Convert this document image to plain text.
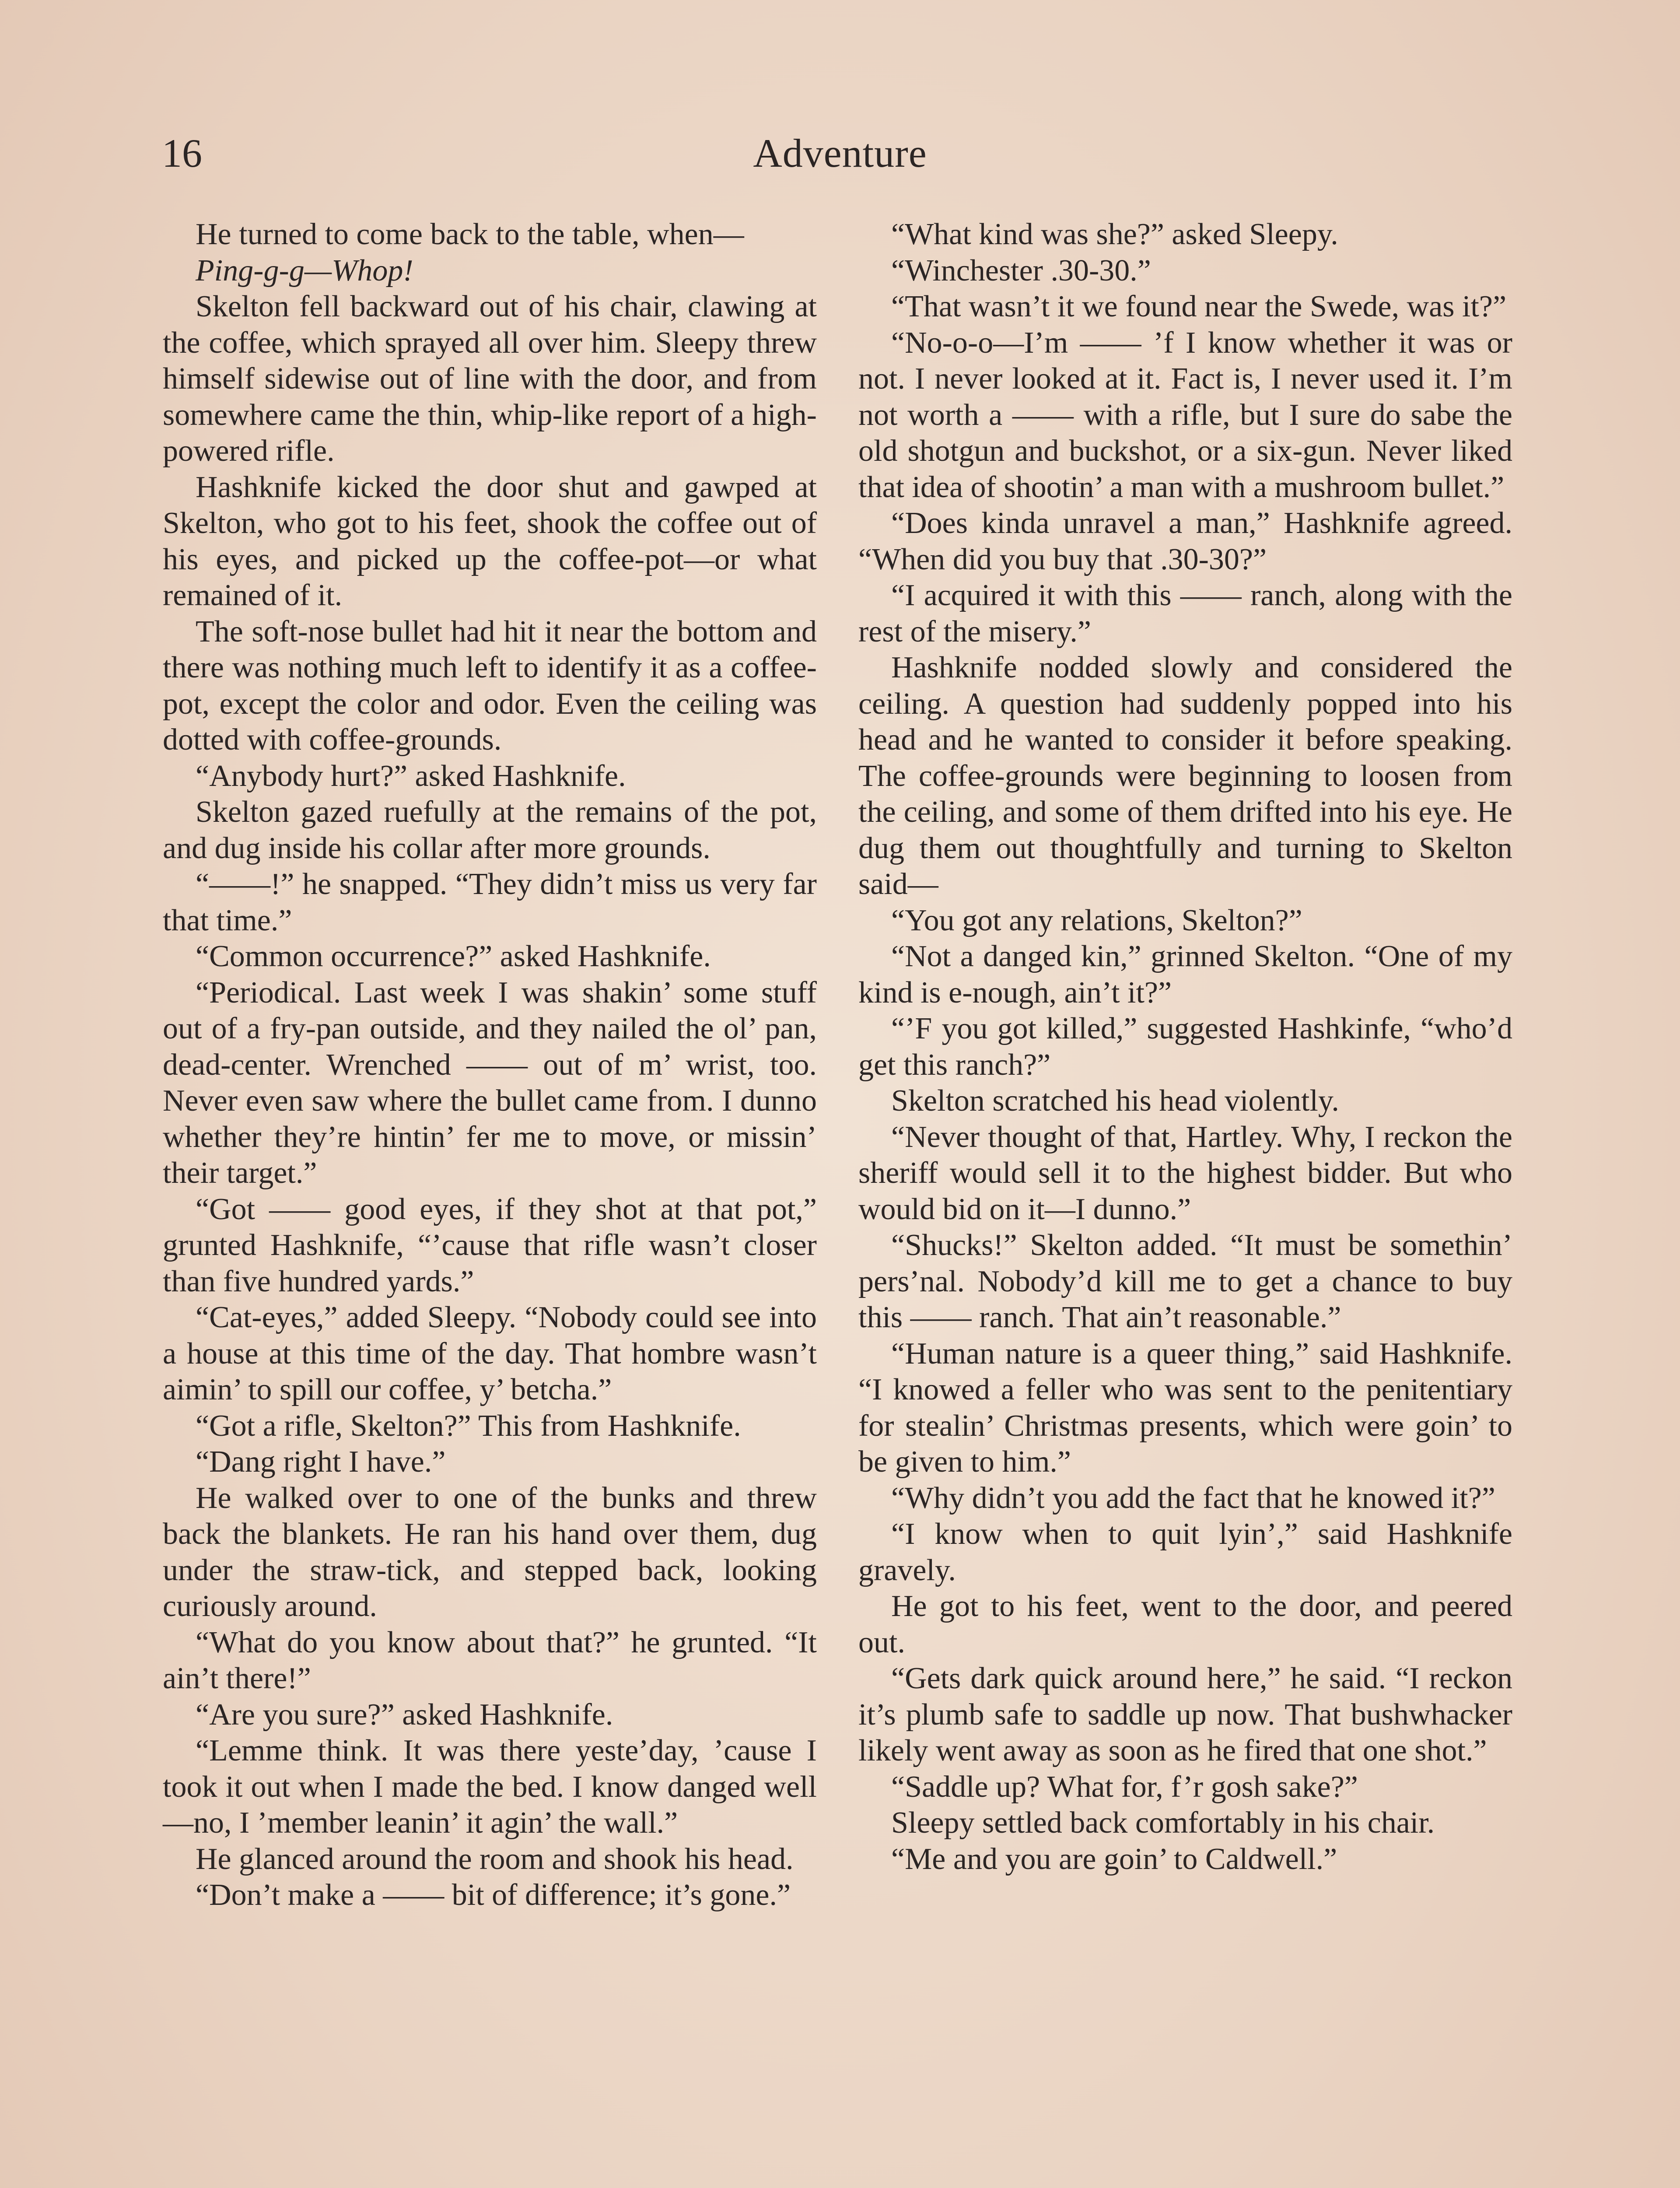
16	Adventure

He turned to come back to the table, when—

Ping-g-g—Whop!

Skelton fell backward out of his chair, clawing at the coffee, which sprayed all over him. Sleepy threw himself sidewise out of line with the door, and from somewhere came the thin, whip-like report of a high-powered rifle.

Hashknife kicked the door shut and gawped at Skelton, who got to his feet, shook the coffee out of his eyes, and picked up the coffee-pot—or what remained of it.

The soft-nose bullet had hit it near the bottom and there was nothing much left to identify it as a coffee-pot, except the color and odor. Even the ceiling was dotted with coffee-grounds.

“Anybody hurt?” asked Hashknife.

Skelton gazed ruefully at the remains of the pot, and dug inside his collar after more grounds.

“——!” he snapped. “They didn’t miss us very far that time.”

“Common occurrence?” asked Hashknife.

“Periodical. Last week I was shakin’ some stuff out of a fry-pan outside, and they nailed the ol’ pan, dead-center. Wrenched —— out of m’ wrist, too. Never even saw where the bullet came from. I dunno whether they’re hintin’ fer me to move, or missin’ their target.”

“Got —— good eyes, if they shot at that pot,” grunted Hashknife, “’cause that rifle wasn’t closer than five hundred yards.”

“Cat-eyes,” added Sleepy. “Nobody could see into a house at this time of the day. That hombre wasn’t aimin’ to spill our coffee, y’ betcha.”

“Got a rifle, Skelton?” This from Hashknife.

“Dang right I have.”

He walked over to one of the bunks and threw back the blankets. He ran his hand over them, dug under the straw-tick, and stepped back, looking curiously around.

“What do you know about that?” he grunted. “It ain’t there!”

“Are you sure?” asked Hashknife.

“Lemme think. It was there yeste’day, ’cause I took it out when I made the bed. I know danged well—no, I ’member leanin’ it agin’ the wall.”

He glanced around the room and shook his head.

“Don’t make a —— bit of difference; it’s gone.”

“What kind was she?” asked Sleepy.

“Winchester .30-30.”

“That wasn’t it we found near the Swede, was it?”

“No-o-o—I’m —— ’f I know whether it was or not. I never looked at it. Fact is, I never used it. I’m not worth a —— with a rifle, but I sure do sabe the old shotgun and buckshot, or a six-gun. Never liked that idea of shootin’ a man with a mushroom bullet.”

“Does kinda unravel a man,” Hashknife agreed. “When did you buy that .30-30?”

“I acquired it with this —— ranch, along with the rest of the misery.”

Hashknife nodded slowly and considered the ceiling. A question had suddenly popped into his head and he wanted to consider it before speaking. The coffee-grounds were beginning to loosen from the ceiling, and some of them drifted into his eye. He dug them out thoughtfully and turning to Skelton said—

“You got any relations, Skelton?”

“Not a danged kin,” grinned Skelton. “One of my kind is e-nough, ain’t it?”

“’F you got killed,” suggested Hashkinfe, “who’d get this ranch?”

Skelton scratched his head violently.

“Never thought of that, Hartley. Why, I reckon the sheriff would sell it to the highest bidder. But who would bid on it—I dunno.”

“Shucks!” Skelton added. “It must be somethin’ pers’nal. Nobody’d kill me to get a chance to buy this —— ranch. That ain’t reasonable.”

“Human nature is a queer thing,” said Hashknife. “I knowed a feller who was sent to the penitentiary for stealin’ Christmas presents, which were goin’ to be given to him.”

“Why didn’t you add the fact that he knowed it?”

“I know when to quit lyin’,” said Hashknife gravely.

He got to his feet, went to the door, and peered out.

“Gets dark quick around here,” he said. “I reckon it’s plumb safe to saddle up now. That bushwhacker likely went away as soon as he fired that one shot.”

“Saddle up? What for, f’r gosh sake?”

Sleepy settled back comfortably in his chair.

“Me and you are goin’ to Caldwell.”
